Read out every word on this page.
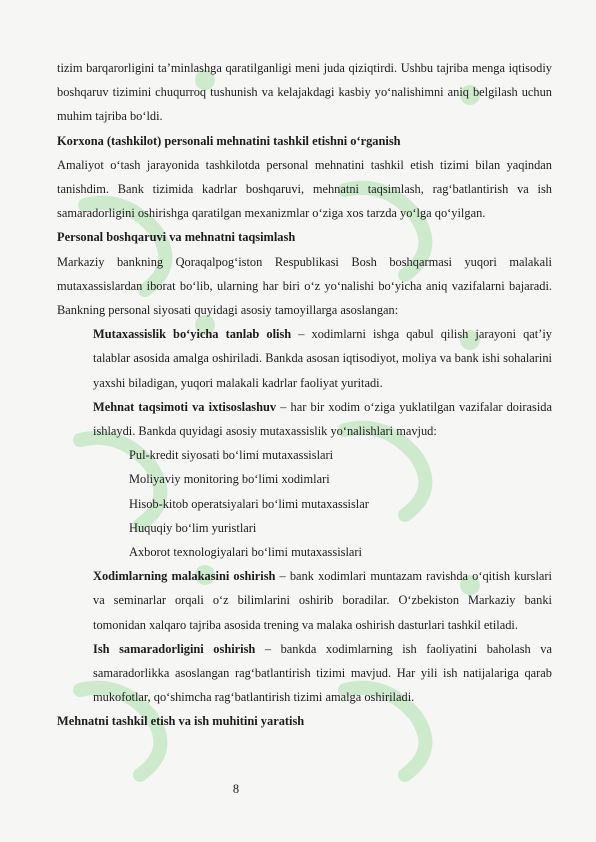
tizim barqarorligini ta’minlashga qaratilganligi meni juda qiziqtirdi. Ushbu tajriba menga iqtisodiy boshqaruv tizimini chuqurroq tushunish va kelajakdagi kasbiy yo‘nalishimni aniq belgilash uchun muhim tajriba bo‘ldi.

Korxona (tashkilot) personali mehnatini tashkil etishni o‘rganish

Amaliyot o‘tash jarayonida tashkilotda personal mehnatini tashkil etish tizimi bilan yaqindan tanishdim. Bank tizimida kadrlar boshqaruvi, mehnatni taqsimlash, rag‘batlantirish va ish samaradorligini oshirishga qaratilgan mexanizmlar o‘ziga xos tarzda yo‘lga qo‘yilgan.

Personal boshqaruvi va mehnatni taqsimlash

Markaziy bankning Qoraqalpog‘iston Respublikasi Bosh boshqarmasi yuqori malakali mutaxassislardan iborat bo‘lib, ularning har biri o‘z yo‘nalishi bo‘yicha aniq vazifalarni bajaradi. Bankning personal siyosati quyidagi asosiy tamoyillarga asoslangan:

Mutaxassislik bo‘yicha tanlab olish – xodimlarni ishga qabul qilish jarayoni qat’iy talablar asosida amalga oshiriladi. Bankda asosan iqtisodiyot, moliya va bank ishi sohalarini yaxshi biladigan, yuqori malakali kadrlar faoliyat yuritadi.

Mehnat taqsimoti va ixtisoslashuv – har bir xodim o‘ziga yuklatilgan vazifalar doirasida ishlaydi. Bankda quyidagi asosiy mutaxassislik yo‘nalishlari mavjud:

Pul-kredit siyosati bo‘limi mutaxassislari
Moliyaviy monitoring bo‘limi xodimlari
Hisob-kitob operatsiyalari bo‘limi mutaxassislar
Huquqiy bo‘lim yuristlari
Axborot texnologiyalari bo‘limi mutaxassislari

Xodimlarning malakasini oshirish – bank xodimlari muntazam ravishda o‘qitish kurslari va seminarlar orqali o‘z bilimlarini oshirib boradilar. O‘zbekiston Markaziy banki tomonidan xalqaro tajriba asosida trening va malaka oshirish dasturlari tashkil etiladi.

Ish samaradorligini oshirish – bankda xodimlarning ish faoliyatini baholash va samaradorlikka asoslangan rag‘batlantirish tizimi mavjud. Har yili ish natijalariga qarab mukofotlar, qo‘shimcha rag‘batlantirish tizimi amalga oshiriladi.

Mehnatni tashkil etish va ish muhitini yaratish

8
